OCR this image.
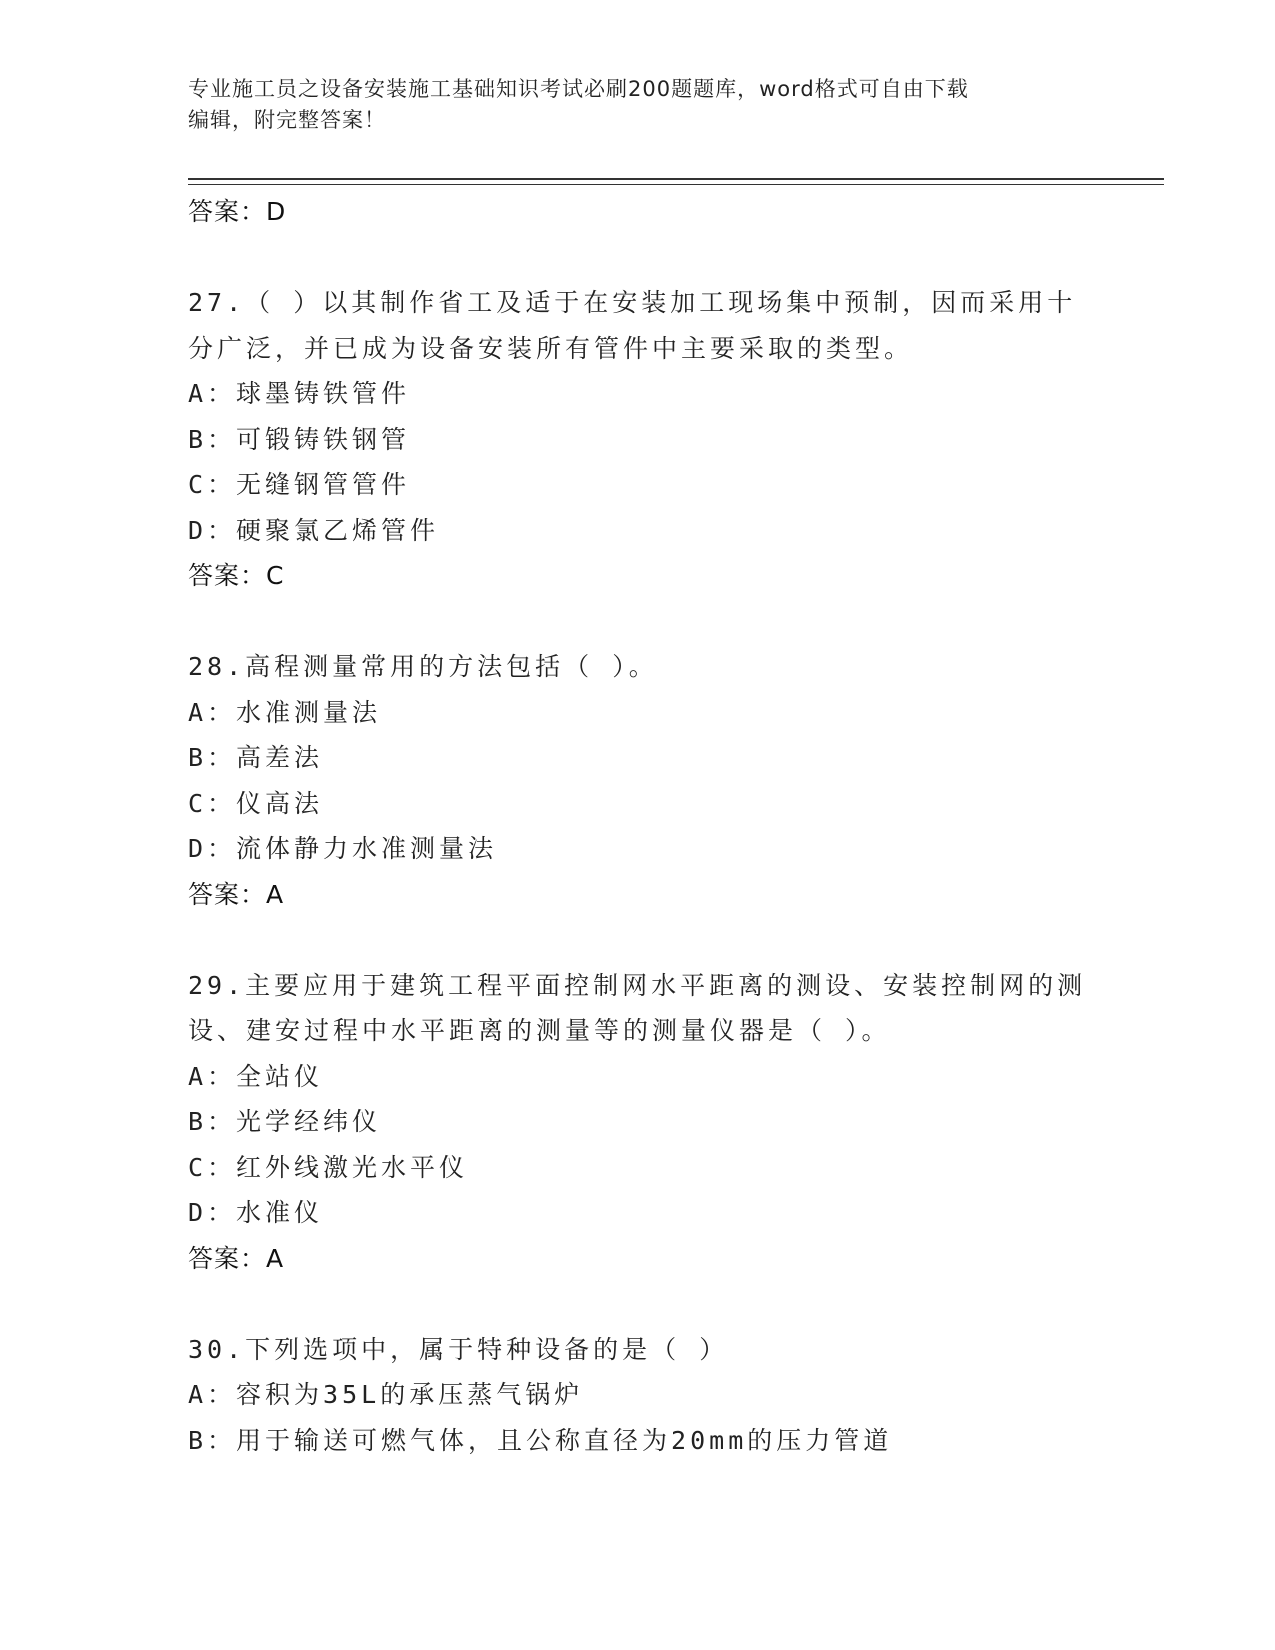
专业施工员之设备安装施工基础知识考试必刷200题题库，word格式可自由下载
编辑，附完整答案！
答案：D
27.（ ）以其制作省工及适于在安装加工现场集中预制，因而采用十
分广泛，并已成为设备安装所有管件中主要采取的类型。
A：球墨铸铁管件
B：可锻铸铁钢管
C：无缝钢管管件
D：硬聚氯乙烯管件
答案：C
28.高程测量常用的方法包括（ ）。
A：水准测量法
B：高差法
C：仪高法
D：流体静力水准测量法
答案：A
29.主要应用于建筑工程平面控制网水平距离的测设、安装控制网的测
设、建安过程中水平距离的测量等的测量仪器是（ ）。
A：全站仪
B：光学经纬仪
C：红外线激光水平仪
D：水准仪
答案：A
30.下列选项中，属于特种设备的是（ ）
A：容积为35L的承压蒸气锅炉
B：用于输送可燃气体，且公称直径为20mm的压力管道
